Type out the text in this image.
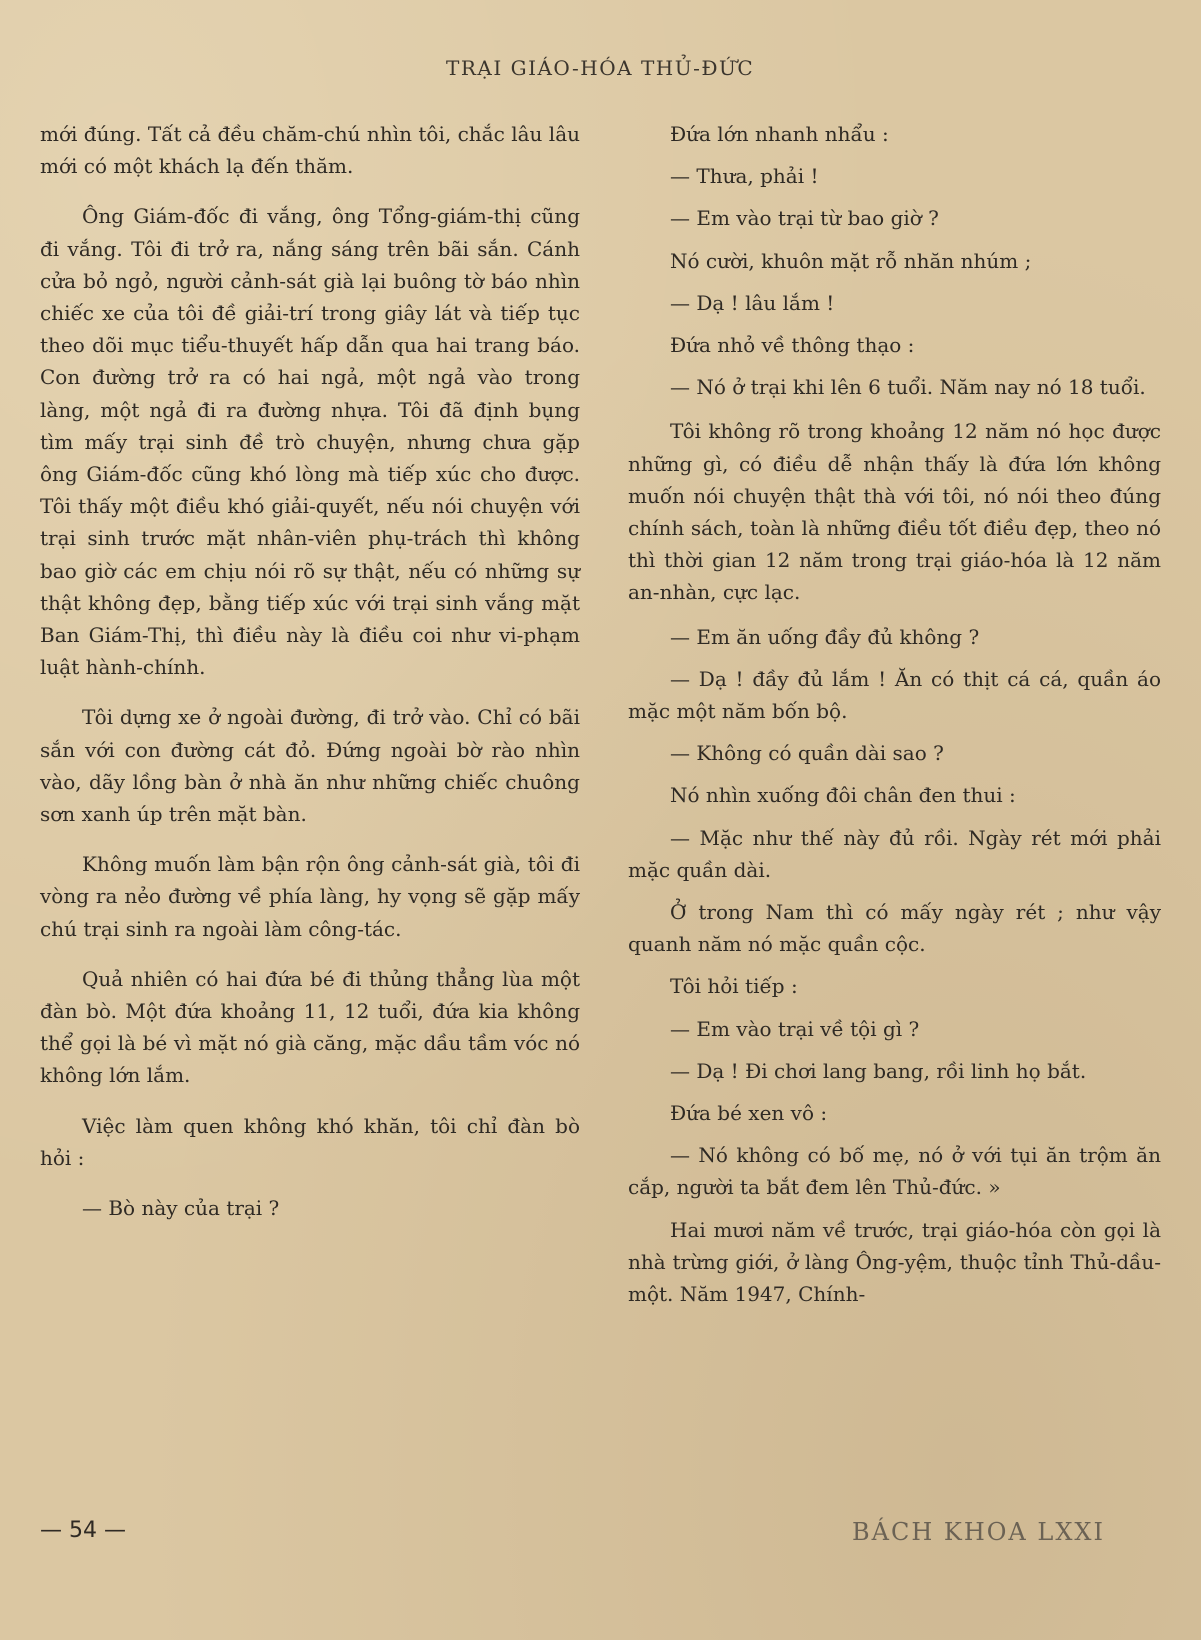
TRẠI GIÁO-HÓA THỦ-ĐỨC

mới đúng. Tất cả đều chăm-chú nhìn tôi, chắc lâu lâu mới có một khách lạ đến thăm.

Ông Giám-đốc đi vắng, ông Tổng-giám-thị cũng đi vắng. Tôi đi trở ra, nắng sáng trên bãi sắn. Cánh cửa bỏ ngỏ, người cảnh-sát già lại buông tờ báo nhìn chiếc xe của tôi đề giải-trí trong giây lát và tiếp tục theo dõi mục tiểu-thuyết hấp dẫn qua hai trang báo. Con đường trở ra có hai ngả, một ngả vào trong làng, một ngả đi ra đường nhựa. Tôi đã định bụng tìm mấy trại sinh đề trò chuyện, nhưng chưa gặp ông Giám-đốc cũng khó lòng mà tiếp xúc cho được. Tôi thấy một điều khó giải-quyết, nếu nói chuyện với trại sinh trước mặt nhân-viên phụ-trách thì không bao giờ các em chịu nói rõ sự thật, nếu có những sự thật không đẹp, bằng tiếp xúc với trại sinh vắng mặt Ban Giám-Thị, thì điều này là điều coi như vi-phạm luật hành-chính.

Tôi dựng xe ở ngoài đường, đi trở vào. Chỉ có bãi sắn với con đường cát đỏ. Đứng ngoài bờ rào nhìn vào, dãy lồng bàn ở nhà ăn như những chiếc chuông sơn xanh úp trên mặt bàn.

Không muốn làm bận rộn ông cảnh-sát già, tôi đi vòng ra nẻo đường về phía làng, hy vọng sẽ gặp mấy chú trại sinh ra ngoài làm công-tác.

Quả nhiên có hai đứa bé đi thủng thẳng lùa một đàn bò. Một đứa khoảng 11, 12 tuổi, đứa kia không thể gọi là bé vì mặt nó già căng, mặc dầu tầm vóc nó không lớn lắm.

Việc làm quen không khó khăn, tôi chỉ đàn bò hỏi :

— Bò này của trại ?

Đứa lớn nhanh nhẩu :

— Thưa, phải !

— Em vào trại từ bao giờ ?

Nó cười, khuôn mặt rỗ nhăn nhúm ;

— Dạ ! lâu lắm !

Đứa nhỏ về thông thạo :

— Nó ở trại khi lên 6 tuổi. Năm nay nó 18 tuổi.

Tôi không rõ trong khoảng 12 năm nó học được những gì, có điều dễ nhận thấy là đứa lớn không muốn nói chuyện thật thà với tôi, nó nói theo đúng chính sách, toàn là những điều tốt điều đẹp, theo nó thì thời gian 12 năm trong trại giáo-hóa là 12 năm an-nhàn, cực lạc.

— Em ăn uống đầy đủ không ?

— Dạ ! đầy đủ lắm ! Ăn có thịt cá cá, quần áo mặc một năm bốn bộ.

— Không có quần dài sao ?

Nó nhìn xuống đôi chân đen thui :

— Mặc như thế này đủ rồi. Ngày rét mới phải mặc quần dài.

Ở trong Nam thì có mấy ngày rét ; như vậy quanh năm nó mặc quần cộc.

Tôi hỏi tiếp :

— Em vào trại về tội gì ?

— Dạ ! Đi chơi lang bang, rồi linh họ bắt.

Đứa bé xen vô :

— Nó không có bố mẹ, nó ở với tụi ăn trộm ăn cắp, người ta bắt đem lên Thủ-đức. »

Hai mươi năm về trước, trại giáo-hóa còn gọi là nhà trừng giới, ở làng Ông-yệm, thuộc tỉnh Thủ-dầu-một. Năm 1947, Chính-

— 54 —	BÁCH KHOA LXXI
